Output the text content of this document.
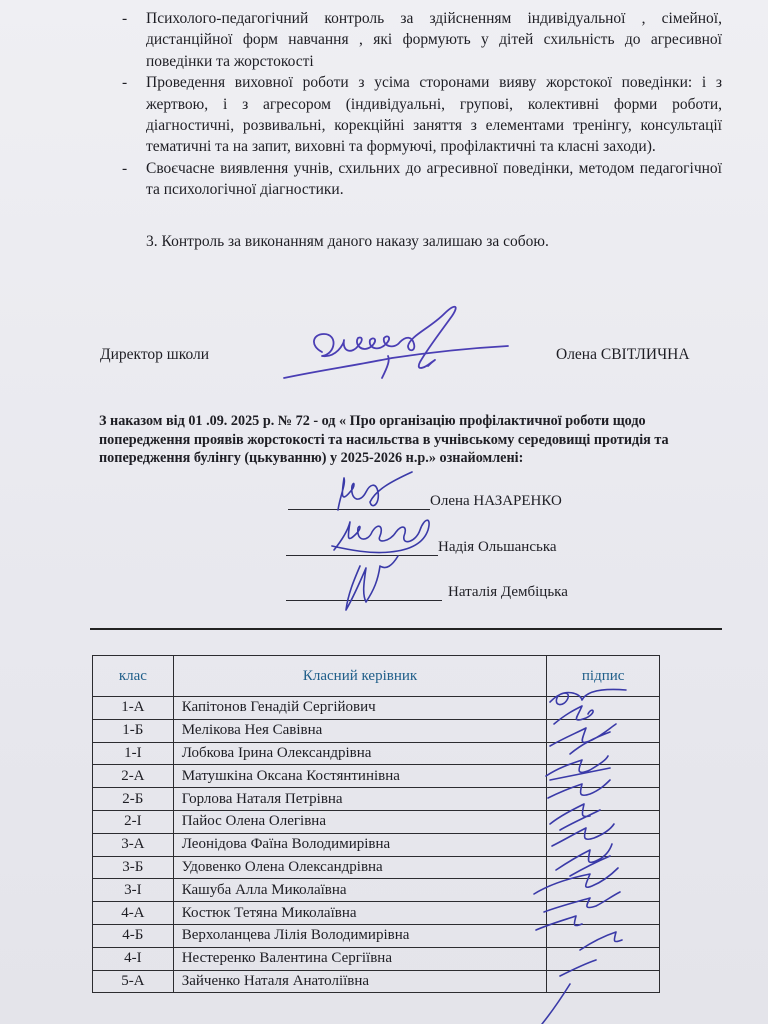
- Психолого-педагогічний контроль за здійсненням індивідуальної , сімейної, дистанційної форм навчання , які формують у дітей схильність до агресивної поведінки та жорстокості
- Проведення виховної роботи з усіма сторонами вияву жорстокої поведінки: і з жертвою, і з агресором (індивідуальні, групові, колективні форми роботи, діагностичні, розвивальні, корекційні заняття з елементами тренінгу, консультації тематичні та на запит, виховні та формуючі, профілактичні та класні заходи).
- Своєчасне виявлення учнів, схильних до агресивної поведінки, методом педагогічної та психологічної діагностики.
3. Контроль за виконанням даного наказу залишаю за собою.
Директор школи	Олена СВІТЛИЧНА
З наказом від 01 .09. 2025 р. № 72 - од « Про організацію профілактичної роботи щодо попередження проявів жорстокості та насильства в учнівському середовищі протидія та попередження булінгу (цькуванню) у 2025-2026 н.р.» ознайомлені:
Олена НАЗАРЕНКО
Надія Ольшанська
Наталія Дембіцька
клас	Класний керівник	підпис
1-А	Капітонов Генадій Сергійович	
1-Б	Мелікова Нея Савівна	
1-І	Лобкова Ірина Олександрівна	
2-А	Матушкіна Оксана Костянтинівна	
2-Б	Горлова Наталя Петрівна	
2-І	Пайос Олена Олегівна	
3-А	Леонідова Фаїна Володимирівна	
3-Б	Удовенко Олена Олександрівна	
3-І	Кашуба Алла Миколаївна	
4-А	Костюк Тетяна Миколаївна	
4-Б	Верхоланцева Лілія Володимирівна	
4-І	Нестеренко Валентина Сергіївна	
5-А	Зайченко Наталя Анатоліївна	
